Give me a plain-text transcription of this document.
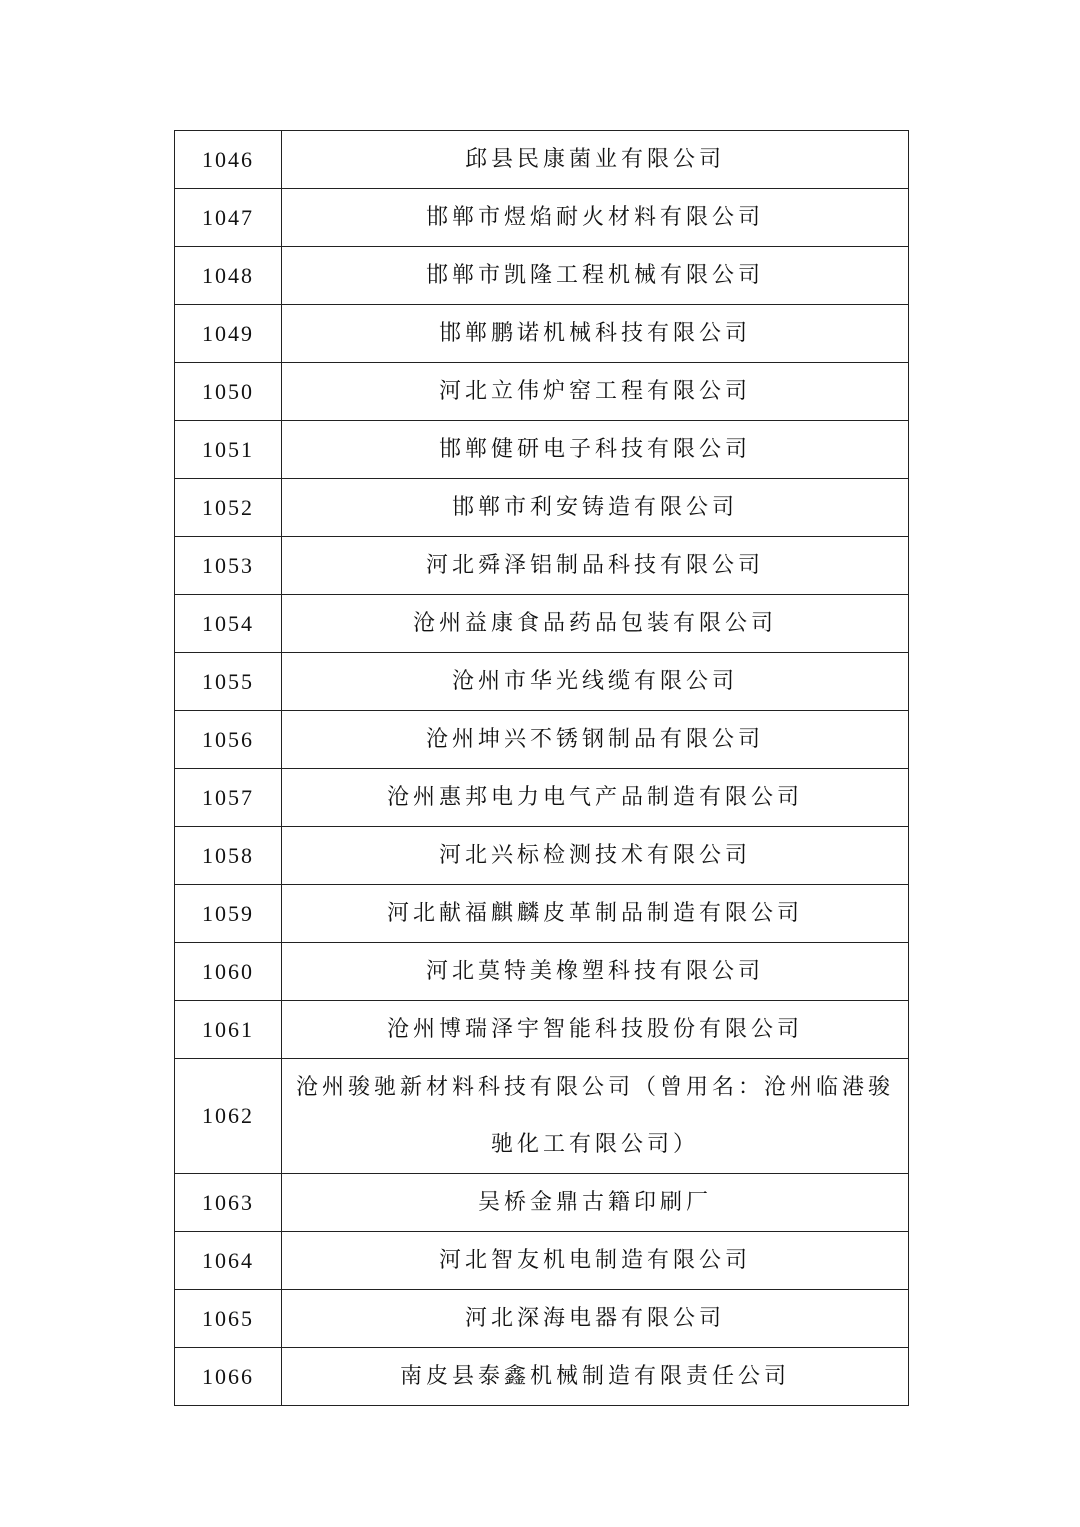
1046	邱县民康菌业有限公司
1047	邯郸市煜焰耐火材料有限公司
1048	邯郸市凯隆工程机械有限公司
1049	邯郸鹏诺机械科技有限公司
1050	河北立伟炉窑工程有限公司
1051	邯郸健研电子科技有限公司
1052	邯郸市利安铸造有限公司
1053	河北舜泽铝制品科技有限公司
1054	沧州益康食品药品包装有限公司
1055	沧州市华光线缆有限公司
1056	沧州坤兴不锈钢制品有限公司
1057	沧州惠邦电力电气产品制造有限公司
1058	河北兴标检测技术有限公司
1059	河北献福麒麟皮革制品制造有限公司
1060	河北莫特美橡塑科技有限公司
1061	沧州博瑞泽宇智能科技股份有限公司
1062	沧州骏驰新材料科技有限公司（曾用名：沧州临港骏驰化工有限公司）
1063	吴桥金鼎古籍印刷厂
1064	河北智友机电制造有限公司
1065	河北深海电器有限公司
1066	南皮县泰鑫机械制造有限责任公司
